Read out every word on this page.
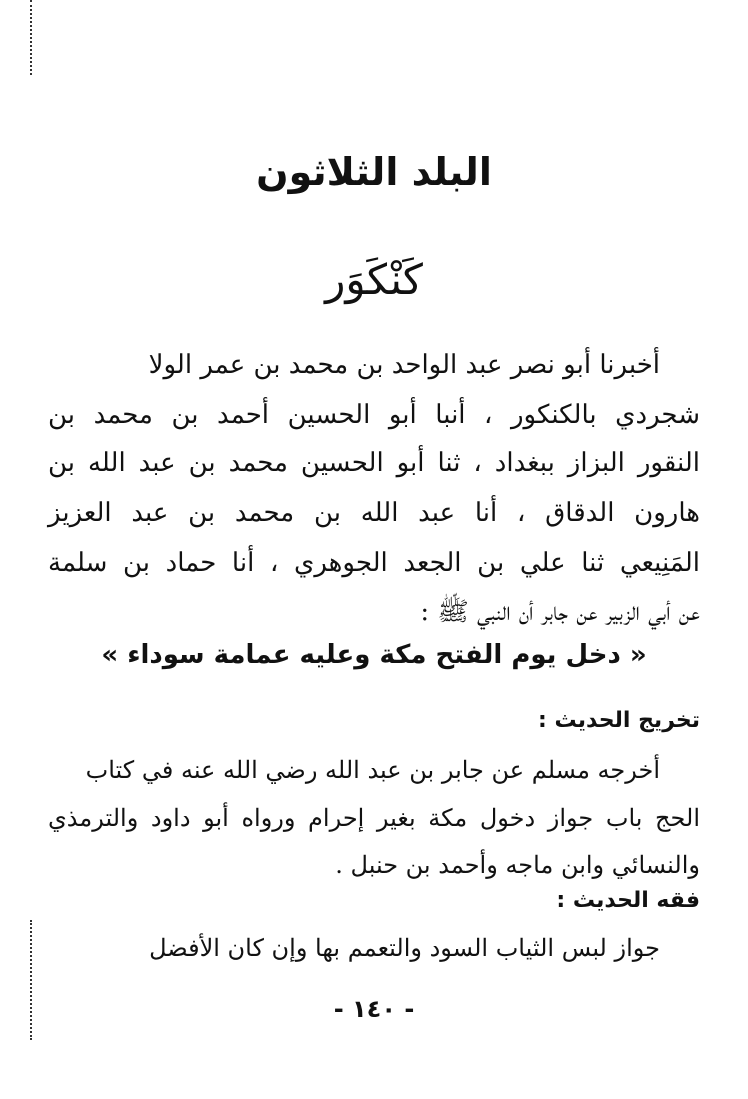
البلد الثلاثون
كَنْكَوَر
أخبرنا أبو نصر عبد الواحد بن محمد بن عمر الولا
شجردي بالكنكور ، أنبا أبو الحسين أحمد بن محمد بن
النقور البزاز ببغداد ، ثنا أبو الحسين محمد بن عبد الله بن
هارون الدقاق ، أنا عبد الله بن محمد بن عبد العزيز
المَنِيعي ثنا علي بن الجعد الجوهري ، أنا حماد بن سلمة
عن أبي الزبير عن جابر أن النبي ﷺ :
« دخل يوم الفتح مكة وعليه عمامة سوداء »
تخريج الحديث :
أخرجه مسلم عن جابر بن عبد الله رضي الله عنه في كتاب
الحج باب جواز دخول مكة بغير إحرام ورواه أبو داود والترمذي
والنسائي وابن ماجه وأحمد بن حنبل .
فقه الحديث :
جواز لبس الثياب السود والتعمم بها وإن كان الأفضل
- ١٤٠ -
